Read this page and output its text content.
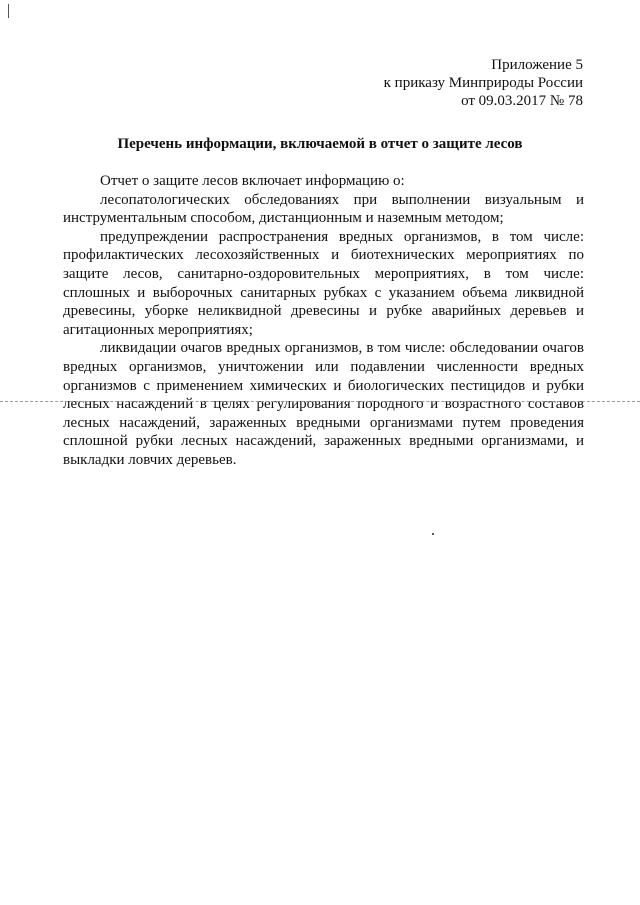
Приложение 5
к приказу Минприроды России
от 09.03.2017 № 78
Перечень информации, включаемой в отчет о защите лесов

Отчет о защите лесов включает информацию о:

лесопатологических обследованиях при выполнении визуальным и инструментальным способом, дистанционным и наземным методом;

предупреждении распространения вредных организмов, в том числе: профилактических лесохозяйственных и биотехнических мероприятиях по защите лесов, санитарно-оздоровительных мероприятиях, в том числе: сплошных и выборочных санитарных рубках с указанием объема ликвидной древесины, уборке неликвидной древесины и рубке аварийных деревьев и агитационных мероприятиях;

ликвидации очагов вредных организмов, в том числе: обследовании очагов вредных организмов, уничтожении или подавлении численности вредных организмов с применением химических и биологических пестицидов и рубки лесных насаждений в целях регулирования породного и возрастного составов лесных насаждений, зараженных вредными организмами путем проведения сплошной рубки лесных насаждений, зараженных вредными организмами, и выкладки ловчих деревьев.
